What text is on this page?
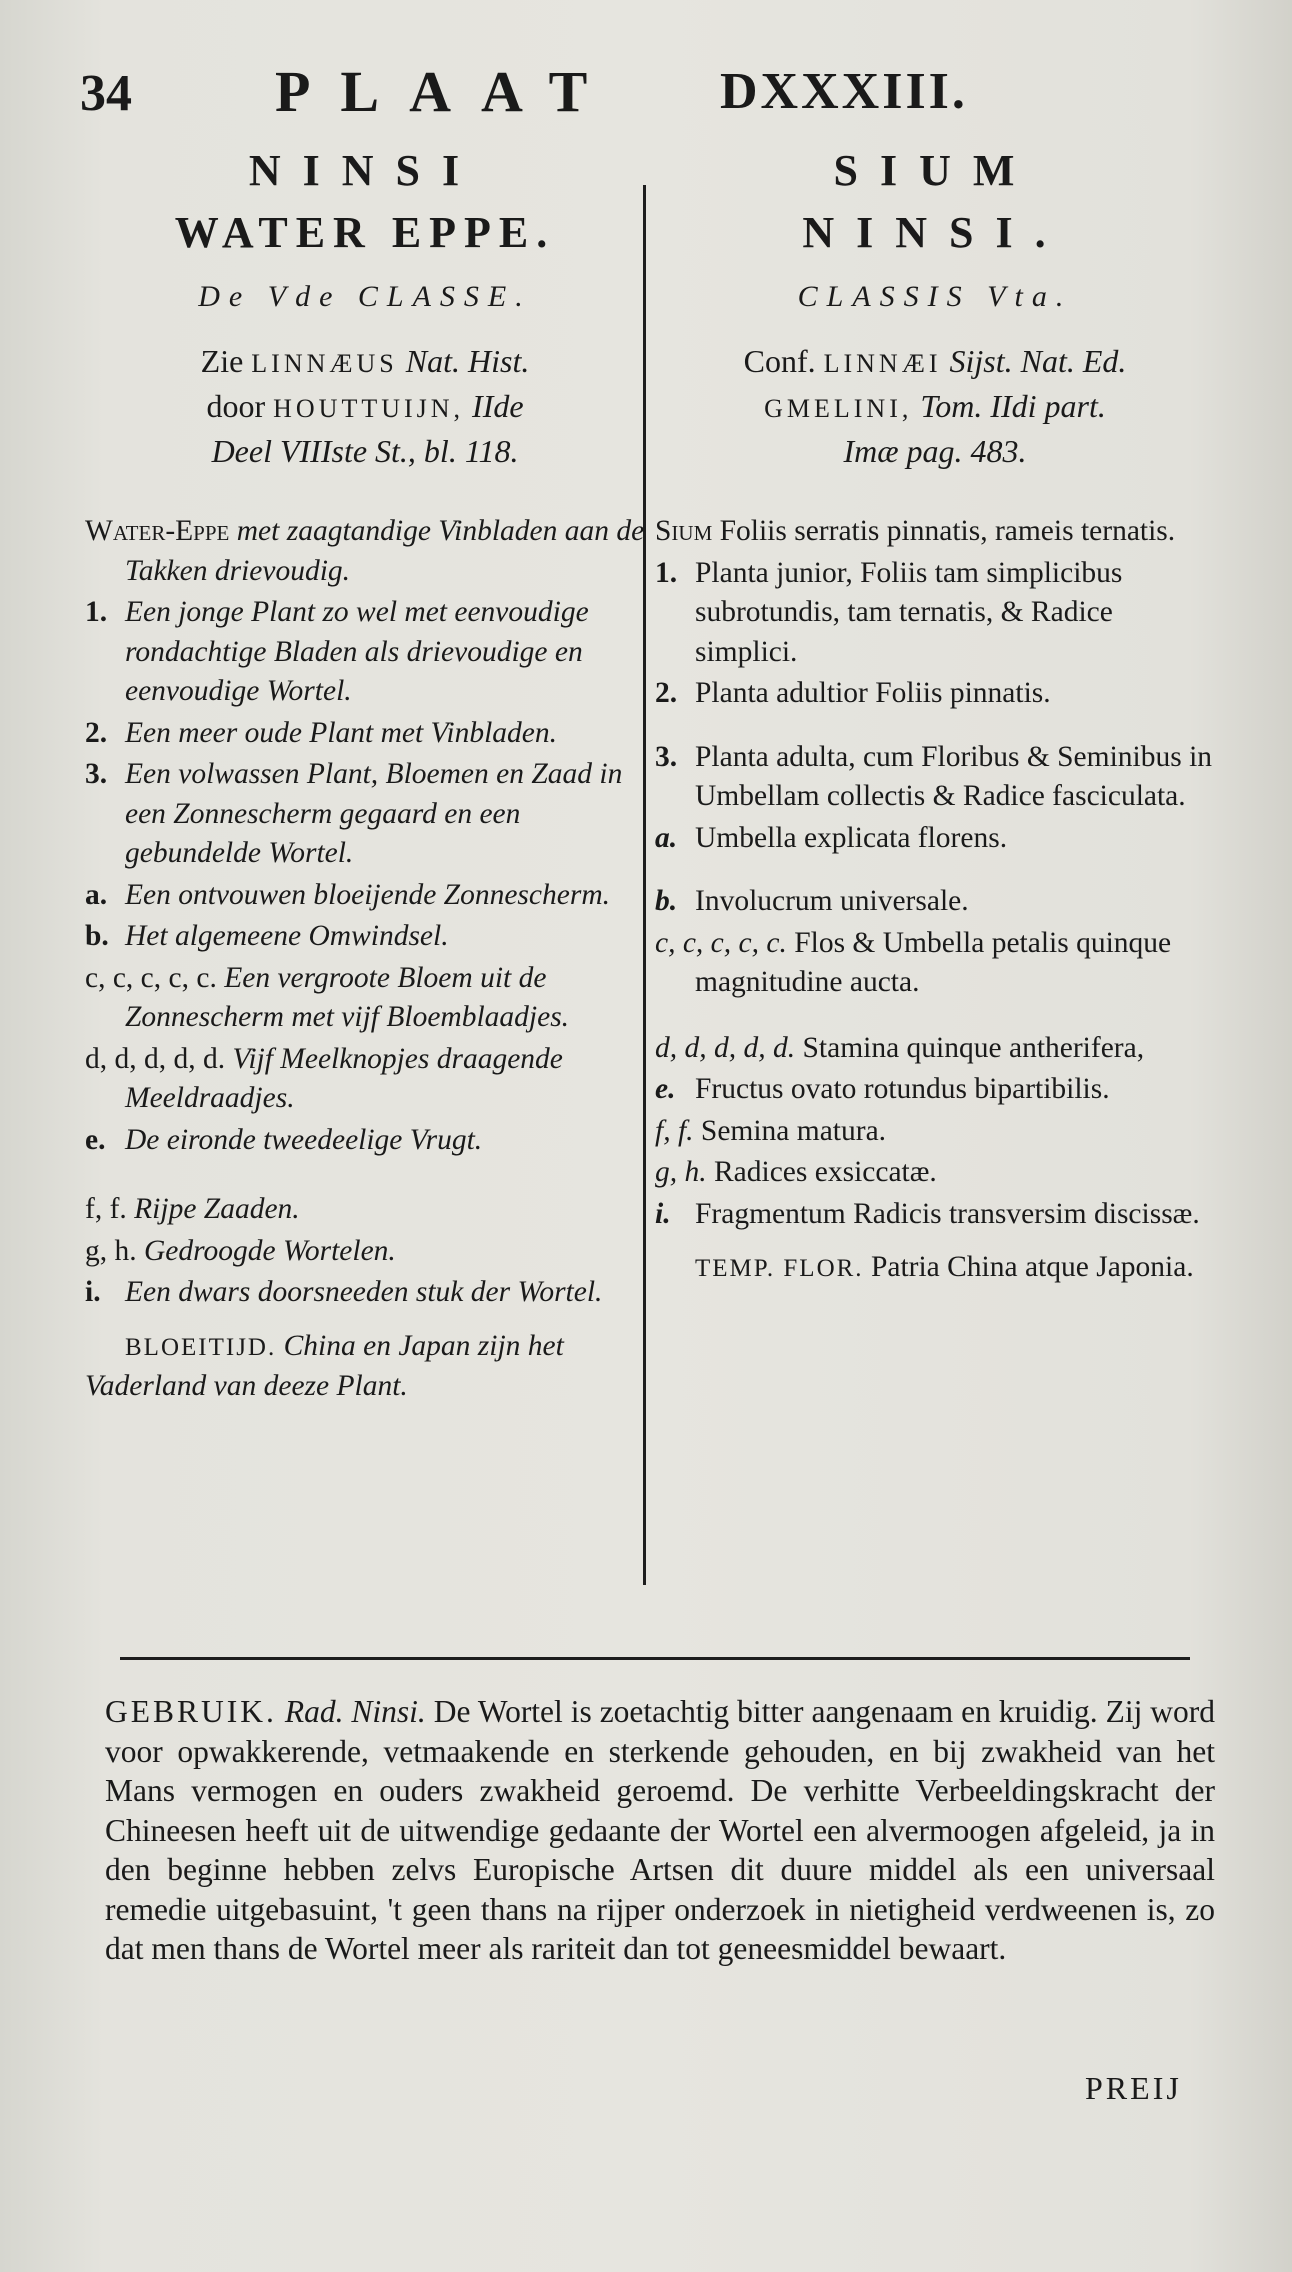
34 PLAAT DXXXIII.
NINSI
WATER EPPE.
De Vde CLASSE.
Zie LINNÆUS Nat. Hist.
door HOUTTUIJN, IIde
Deel VIIIste St., bl. 118.
Water-Eppe met zaagtandige Vinbladen aan de Takken drievoudig.
1. Een jonge Plant zo wel met eenvoudige rondachtige Bladen als drievoudige en eenvoudige Wortel.
2. Een meer oude Plant met Vinbladen.
3. Een volwassen Plant, Bloemen en Zaad in een Zonnescherm gegaard en een gebundelde Wortel.
a. Een ontvouwen bloeijende Zonnescherm.
b. Het algemeene Omwindsel.
c, c, c, c, c. Een vergroote Bloem uit de Zonnescherm met vijf Bloemblaadjes.
d, d, d, d, d. Vijf Meelknopjes draagende Meeldraadjes.
e. De eironde tweedeelige Vrugt.
f, f. Rijpe Zaaden.
g, h. Gedroogde Wortelen.
i. Een dwars doorsneeden stuk der Wortel.
BLOEITIJD. China en Japan zijn het Vaderland van deeze Plant.
SIUM
NINSI.
CLASSIS Vta.
Conf. LINNÆI Sijst. Nat. Ed.
GMELINI, Tom. IIdi part.
Imæ pag. 483.
Sium Foliis serratis pinnatis, rameis ternatis.
1. Planta junior, Foliis tam simplicibus subrotundis, tam ternatis, & Radice simplici.
2. Planta adultior Foliis pinnatis.
3. Planta adulta, cum Floribus & Seminibus in Umbellam collectis & Radice fasciculata.
a. Umbella explicata florens.
b. Involucrum universale.
c, c, c, c, c. Flos & Umbella petalis quinque magnitudine aucta.
d, d, d, d, d. Stamina quinque antherifera,
e. Fructus ovato rotundus bipartibilis.
f, f. Semina matura.
g, h. Radices exsiccatæ.
i. Fragmentum Radicis transversim discissæ.
TEMP. FLOR. Patria China atque Japonia.
GEBRUIK. Rad. Ninsi. De Wortel is zoetachtig bitter aangenaam en kruidig. Zij word voor opwakkerende, vetmaakende en sterkende gehouden, en bij zwakheid van het Mans vermogen en ouders zwakheid geroemd. De verhitte Verbeeldingskracht der Chineesen heeft uit de uitwendige gedaante der Wortel een alvermoogen afgeleid, ja in den beginne hebben zelvs Europische Artsen dit duure middel als een universaal remedie uitgebasuint, 't geen thans na rijper onderzoek in nietigheid verdweenen is, zo dat men thans de Wortel meer als rariteit dan tot geneesmiddel bewaart.
PREIJ
